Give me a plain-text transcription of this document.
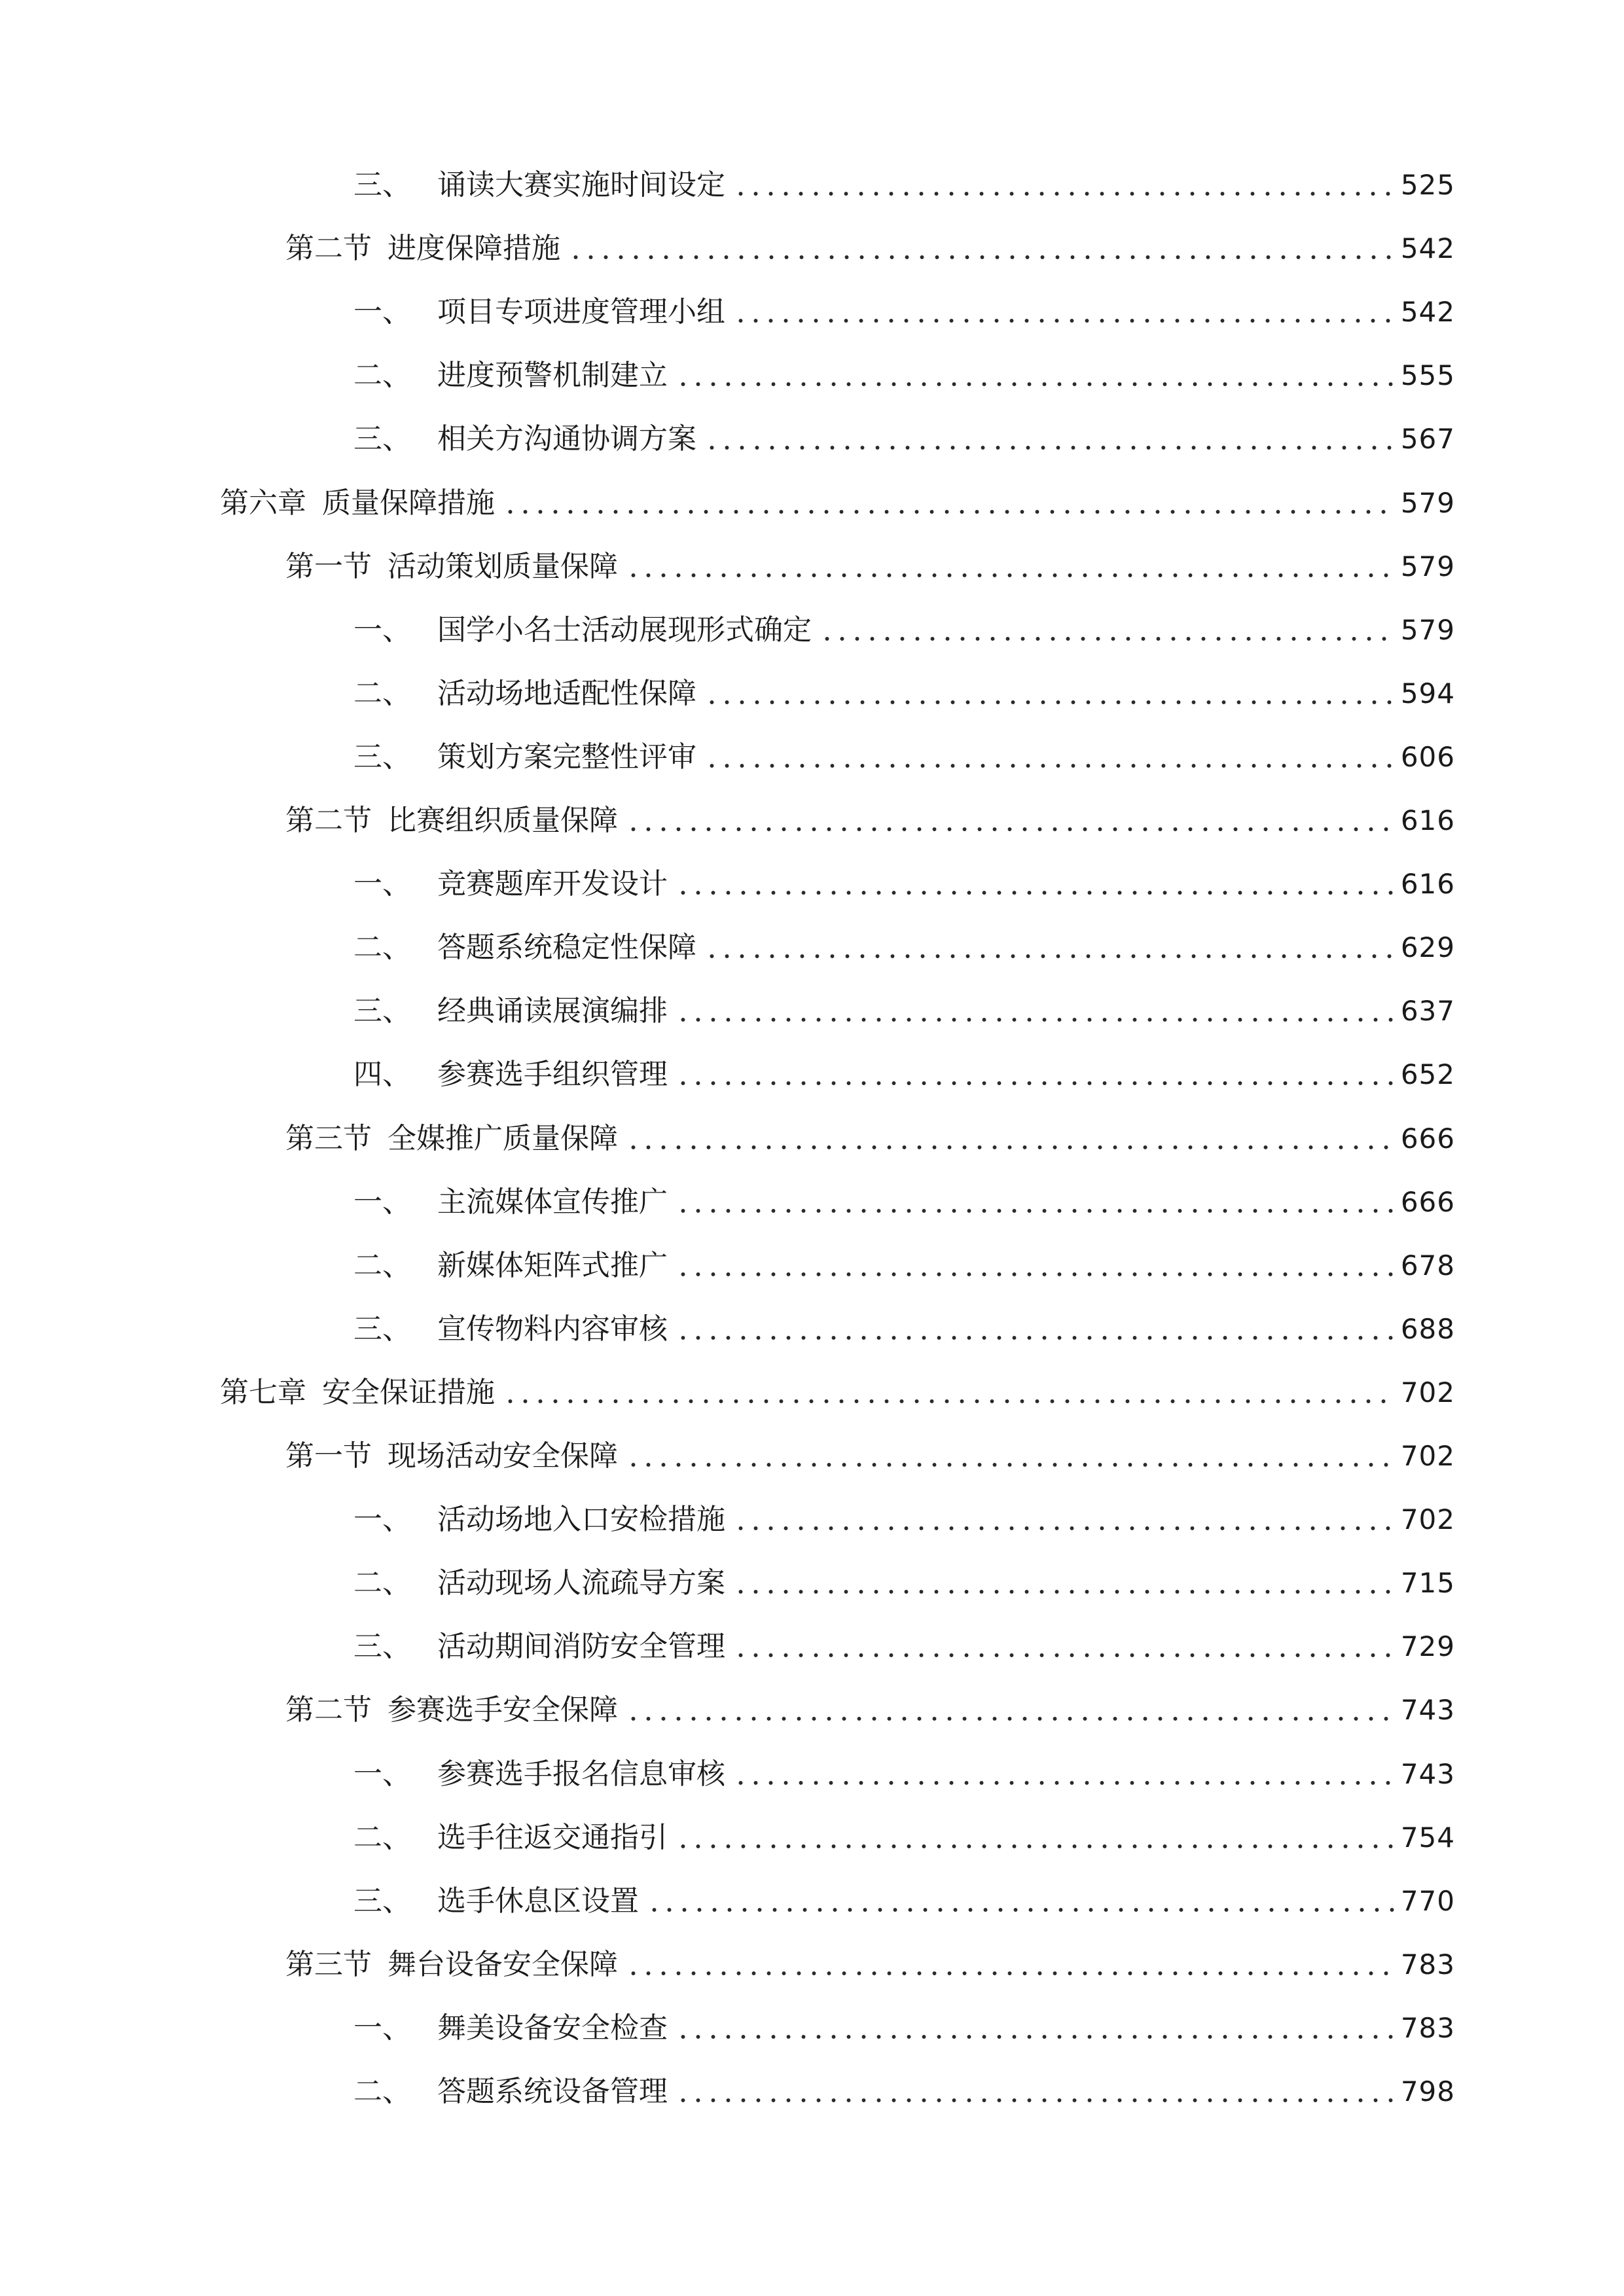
三、 诵读大赛实施时间设定	525
第二节 进度保障措施	542
一、 项目专项进度管理小组	542
二、 进度预警机制建立	555
三、 相关方沟通协调方案	567
第六章 质量保障措施	579
第一节 活动策划质量保障	579
一、 国学小名士活动展现形式确定	579
二、 活动场地适配性保障	594
三、 策划方案完整性评审	606
第二节 比赛组织质量保障	616
一、 竞赛题库开发设计	616
二、 答题系统稳定性保障	629
三、 经典诵读展演编排	637
四、 参赛选手组织管理	652
第三节 全媒推广质量保障	666
一、 主流媒体宣传推广	666
二、 新媒体矩阵式推广	678
三、 宣传物料内容审核	688
第七章 安全保证措施	702
第一节 现场活动安全保障	702
一、 活动场地入口安检措施	702
二、 活动现场人流疏导方案	715
三、 活动期间消防安全管理	729
第二节 参赛选手安全保障	743
一、 参赛选手报名信息审核	743
二、 选手往返交通指引	754
三、 选手休息区设置	770
第三节 舞台设备安全保障	783
一、 舞美设备安全检查	783
二、 答题系统设备管理	798
